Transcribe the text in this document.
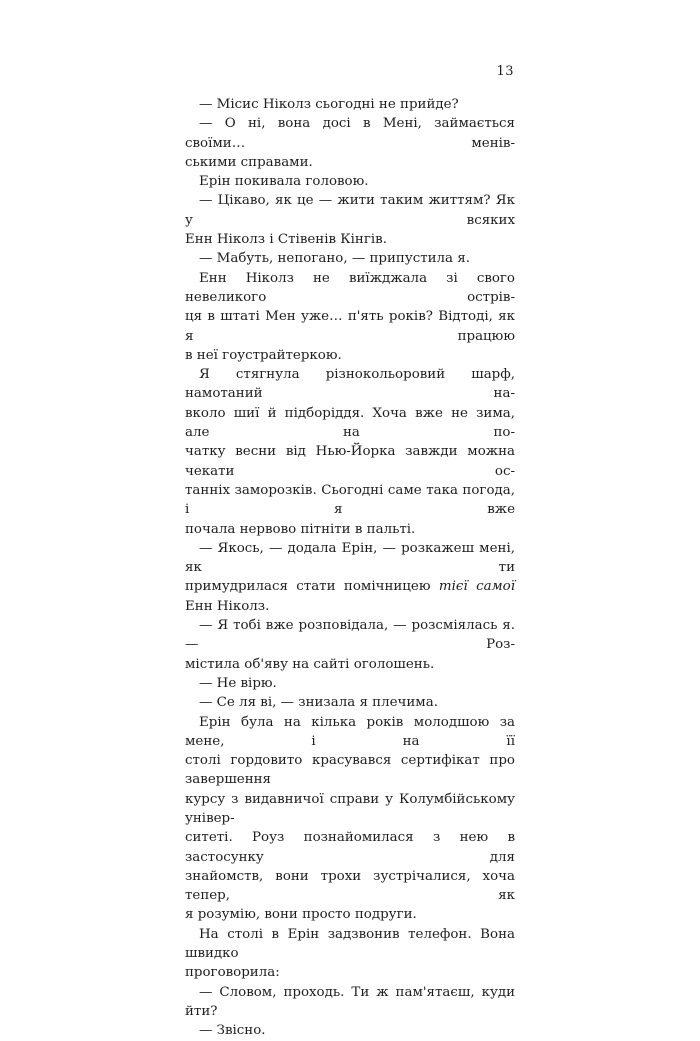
13
— Місис Ніколз сьогодні не прийде?
— О ні, вона досі в Мені, займається своїми… менів-
ськими справами.
Ерін покивала головою.
— Цікаво, як це — жити таким життям? Як у всяких
Енн Ніколз і Стівенів Кінгів.
— Мабуть, непогано, — припустила я.
Енн Ніколз не виїжджала зі свого невеликого острів-
ця в штаті Мен уже… п'ять років? Відтоді, як я працюю
в неї гоустрайтеркою.
Я стягнула різнокольоровий шарф, намотаний на-
вколо шиї й підборіддя. Хоча вже не зима, але на по-
чатку весни від Нью-Йорка завжди можна чекати ос-
танніх заморозків. Сьогодні саме така погода, і я вже
почала нервово пітніти в пальті.
— Якось, — додала Ерін, — розкажеш мені, як ти
примудрилася стати помічницею тієї самої Енн Ніколз.
— Я тобі вже розповідала, — розсміялась я. — Роз-
містила об'яву на сайті оголошень.
— Не вірю.
— Се ля ві, — знизала я плечима.
Ерін була на кілька років молодшою за мене, і на її
столі гордовито красувався сертифікат про завершення
курсу з видавничої справи у Колумбійському універ-
ситеті. Роуз познайомилася з нею в застосунку для
знайомств, вони трохи зустрічалися, хоча тепер, як
я розумію, вони просто подруги.
На столі в Ерін задзвонив телефон. Вона швидко
проговорила:
— Словом, проходь. Ти ж пам'ятаєш, куди йти?
— Звісно.
